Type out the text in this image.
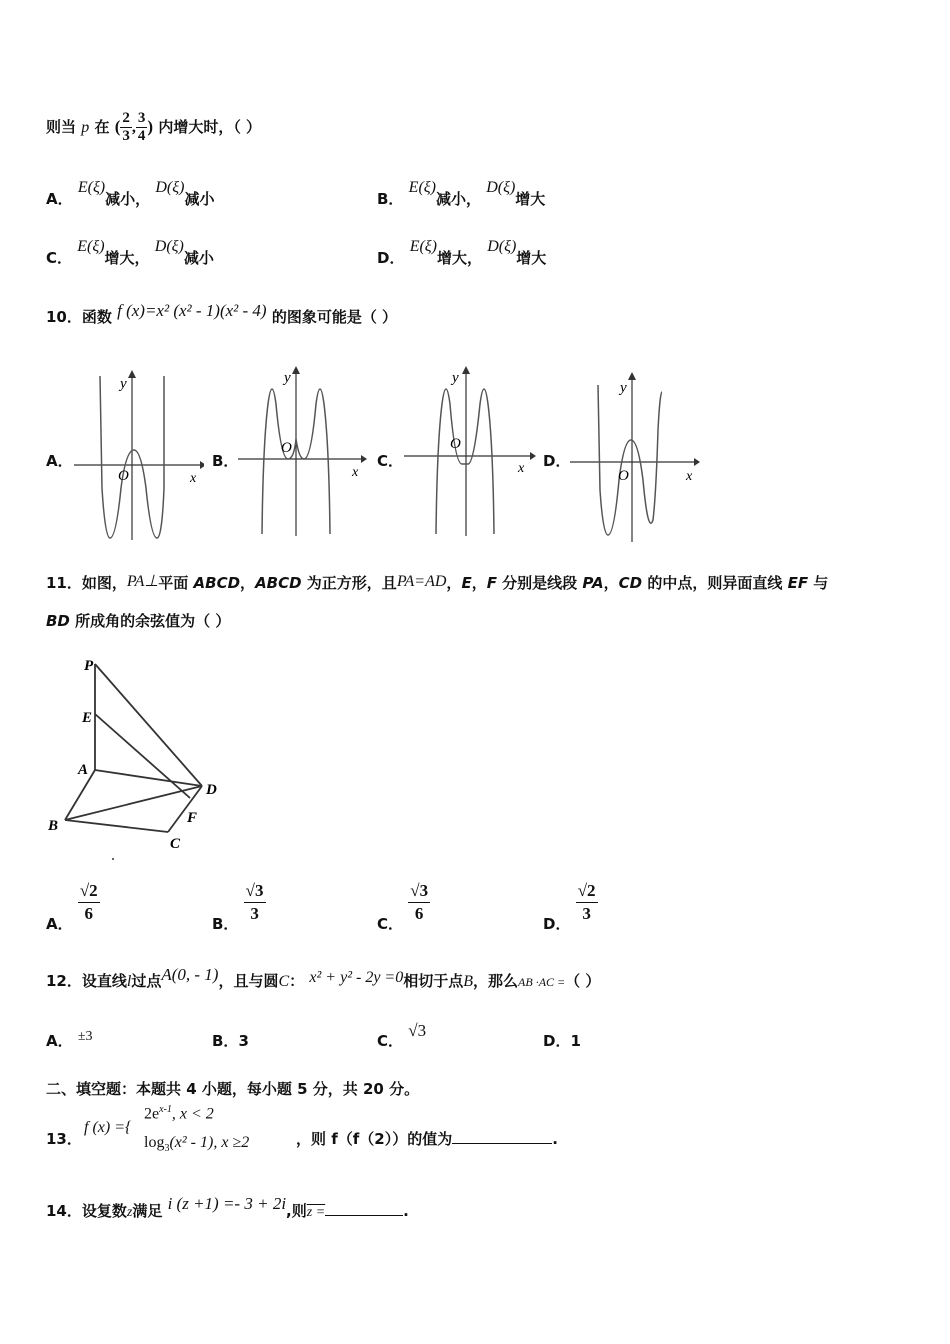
则当 p 在 ( $\frac{2}{3}$ , $\frac{3}{4}$ ) 内增大时，（ ）
A． E(ξ)减小， D(ξ)减小	B． E(ξ)减小， D(ξ)增大
C． E(ξ)增大， D(ξ)减小	D． E(ξ)增大， D(ξ)增大
10．函数 f (x)=x² (x² - 1)(x² - 4) 的图象可能是（ ）
A．
y
O	x
B．
y
O
x
C．
y
O
x D．
y
O	x
11．如图，PA⊥平面 ABCD，ABCD 为正方形，且PA=AD，E，F 分别是线段 PA，CD 的中点，则异面直线 EF 与
BD 所成角的余弦值为（ ）
P
E
A
B
C
D
F
A． $\frac{√2}{6}$	B． $\frac{√3}{3}$	C． $\frac{√3}{6}$	D． $\frac{√2}{3}$
12．设直线l过点A(0, - 1)，且与圆C： x² + y² - 2y =0相切于点B，那么AB ·AC =（ ）
A． ±3	B．3	C． √3
D．1
二、填空题：本题共 4 小题，每小题 5 分，共 20 分。
13．
f (x) ={
$2e^{x-1}$, x < 2
$\log_3(x^2 - 1)$, x ≥2	，则 f（f（2））的值为	.
14．设复数z满足 i (z +1) =- 3 + 2i,则z =	.
